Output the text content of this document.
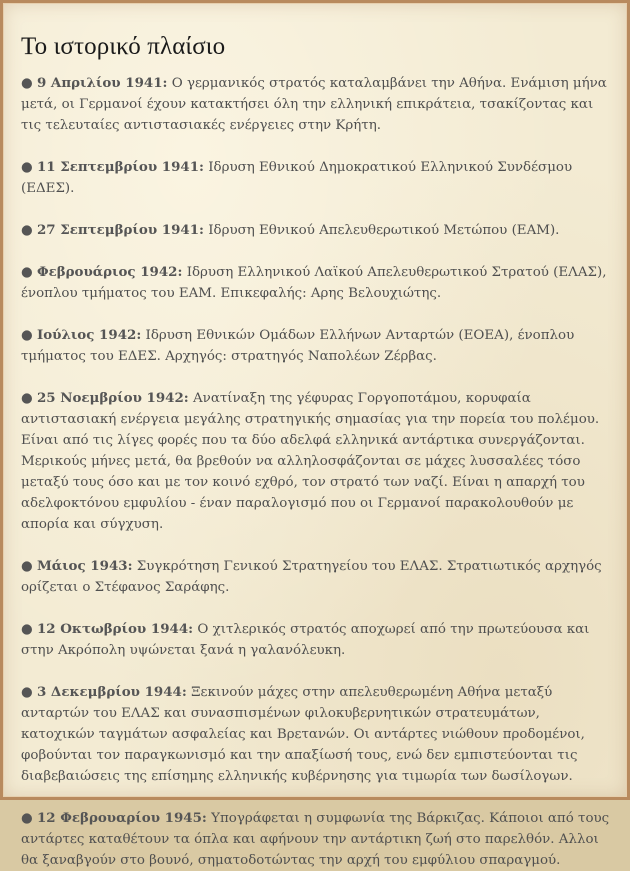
Το ιστορικό πλαίσιο
● 9 Απριλίου 1941: Ο γερμανικός στρατός καταλαμβάνει την Αθήνα. Ενάμιση μήνα μετά, οι Γερμανοί έχουν κατακτήσει όλη την ελληνική επικράτεια, τσακίζοντας και τις τελευταίες αντιστασιακές ενέργειες στην Κρήτη.
● 11 Σεπτεμβρίου 1941: Ιδρυση Εθνικού Δημοκρατικού Ελληνικού Συνδέσμου (ΕΔΕΣ).
● 27 Σεπτεμβρίου 1941: Ιδρυση Εθνικού Απελευθερωτικού Μετώπου (ΕΑΜ).
● Φεβρουάριος 1942: Ιδρυση Ελληνικού Λαϊκού Απελευθερωτικού Στρατού (ΕΛΑΣ), ένοπλου τμήματος του ΕΑΜ. Επικεφαλής: Αρης Βελουχιώτης.
● Ιούλιος 1942: Ιδρυση Εθνικών Ομάδων Ελλήνων Ανταρτών (ΕΟΕΑ), ένοπλου τμήματος του ΕΔΕΣ. Αρχηγός: στρατηγός Ναπολέων Ζέρβας.
● 25 Νοεμβρίου 1942: Ανατίναξη της γέφυρας Γοργοποτάμου, κορυφαία αντιστασιακή ενέργεια μεγάλης στρατηγικής σημασίας για την πορεία του πολέμου. Είναι από τις λίγες φορές που τα δύο αδελφά ελληνικά αντάρτικα συνεργάζονται. Μερικούς μήνες μετά, θα βρεθούν να αλληλοσφάζονται σε μάχες λυσσαλέες τόσο μεταξύ τους όσο και με τον κοινό εχθρό, τον στρατό των ναζί. Είναι η απαρχή του αδελφοκτόνου εμφυλίου - έναν παραλογισμό που οι Γερμανοί παρακολουθούν με απορία και σύγχυση.
● Μάιος 1943: Συγκρότηση Γενικού Στρατηγείου του ΕΛΑΣ. Στρατιωτικός αρχηγός ορίζεται ο Στέφανος Σαράφης.
● 12 Οκτωβρίου 1944: Ο χιτλερικός στρατός αποχωρεί από την πρωτεύουσα και στην Ακρόπολη υψώνεται ξανά η γαλανόλευκη.
● 3 Δεκεμβρίου 1944: Ξεκινούν μάχες στην απελευθερωμένη Αθήνα μεταξύ ανταρτών του ΕΛΑΣ και συνασπισμένων φιλοκυβερνητικών στρατευμάτων, κατοχικών ταγμάτων ασφαλείας και Βρετανών. Οι αντάρτες νιώθουν προδομένοι, φοβούνται τον παραγκωνισμό και την απαξίωσή τους, ενώ δεν εμπιστεύονται τις διαβεβαιώσεις της επίσημης ελληνικής κυβέρνησης για τιμωρία των δωσίλογων.
● 12 Φεβρουαρίου 1945: Υπογράφεται η συμφωνία της Βάρκιζας. Κάποιοι από τους αντάρτες καταθέτουν τα όπλα και αφήνουν την αντάρτικη ζωή στο παρελθόν. Αλλοι θα ξαναβγούν στο βουνό, σηματοδοτώντας την αρχή του εμφύλιου σπαραγμού.
